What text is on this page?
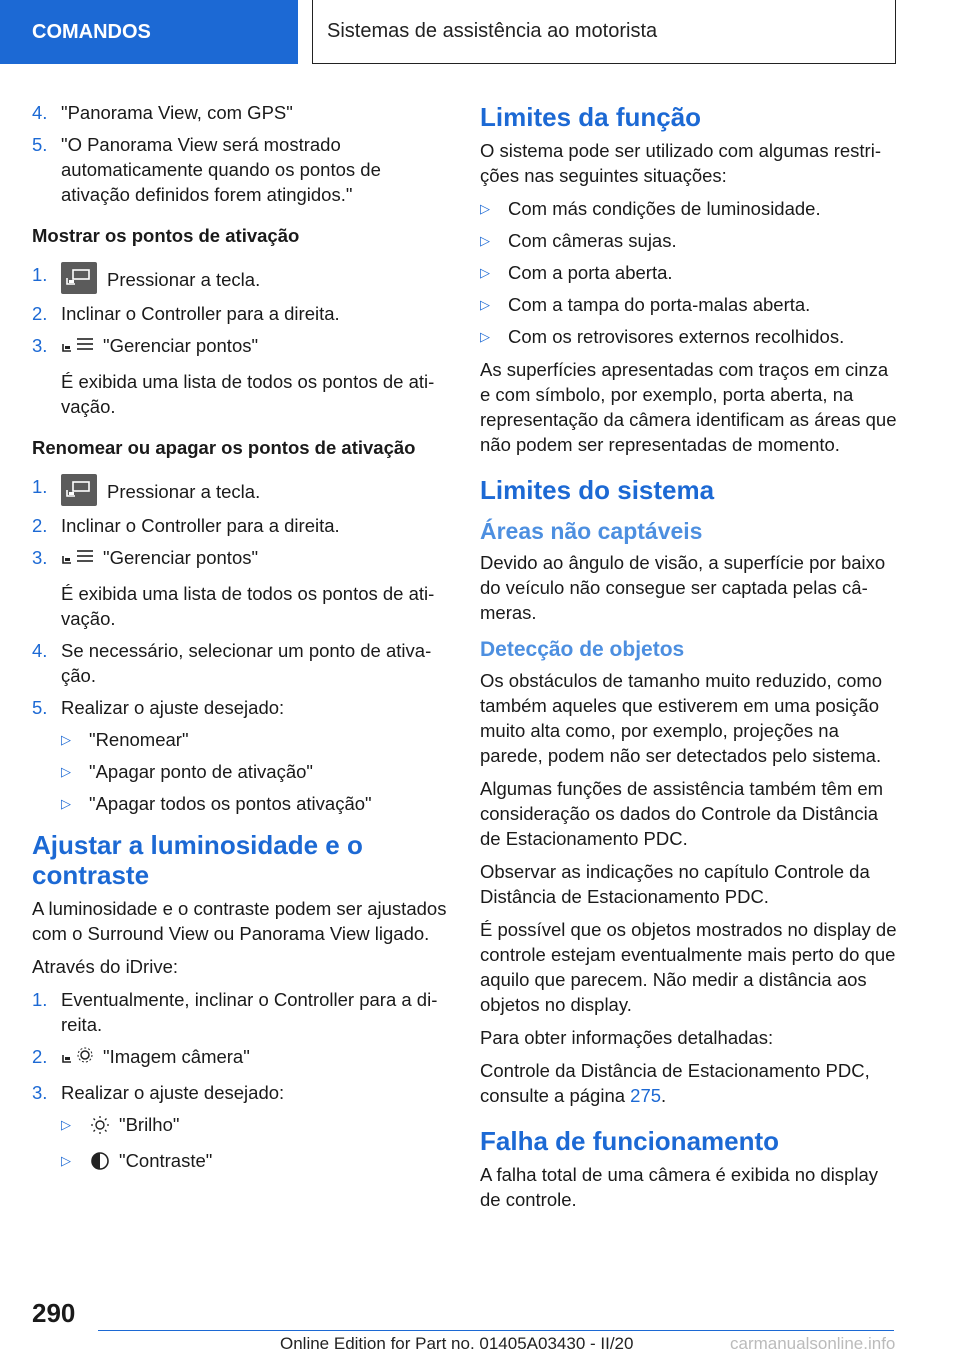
COMANDOS	Sistemas de assistência ao motorista
4. "Panorama View, com GPS"
5. "O Panorama View será mostrado automaticamente quando os pontos de ativação definidos forem atingidos."
Mostrar os pontos de ativação
1.	Pressionar a tecla.
2. Inclinar o Controller para a direita.
3.	"Gerenciar pontos"
É exibida uma lista de todos os pontos de ativação.
Renomear ou apagar os pontos de ativação
1.	Pressionar a tecla.
2. Inclinar o Controller para a direita.
3.	"Gerenciar pontos"
É exibida uma lista de todos os pontos de ativação.
4. Se necessário, selecionar um ponto de ativação.
5. Realizar o ajuste desejado:
▷ "Renomear"
▷ "Apagar ponto de ativação"
▷ "Apagar todos os pontos ativação"
Ajustar a luminosidade e o contraste

A luminosidade e o contraste podem ser ajustados com o Surround View ou Panorama View ligado.

Através do iDrive:

1. Eventualmente, inclinar o Controller para a direita.
2.	"Imagem câmera"
3. Realizar o ajuste desejado:
▷	"Brilho"
▷	"Contraste"
Limites da função

O sistema pode ser utilizado com algumas restrições nas seguintes situações:

▷ Com más condições de luminosidade.
▷ Com câmeras sujas.
▷ Com a porta aberta.
▷ Com a tampa do porta-malas aberta.
▷ Com os retrovisores externos recolhidos.

As superfícies apresentadas com traços em cinza e com símbolo, por exemplo, porta aberta, na representação da câmera identificam as áreas que não podem ser representadas de momento.

Limites do sistema
Áreas não captáveis

Devido ao ângulo de visão, a superfície por baixo do veículo não consegue ser captada pelas câmeras.

Detecção de objetos

Os obstáculos de tamanho muito reduzido, como também aqueles que estiverem em uma posição muito alta como, por exemplo, projeções na parede, podem não ser detectados pelo sistema.

Algumas funções de assistência também têm em consideração os dados do Controle da Distância de Estacionamento PDC.

Observar as indicações no capítulo Controle da Distância de Estacionamento PDC.

É possível que os objetos mostrados no display de controle estejam eventualmente mais perto do que aquilo que parecem. Não medir a distância aos objetos no display.

Para obter informações detalhadas:

Controle da Distância de Estacionamento PDC, consulte a página 275.

Falha de funcionamento

A falha total de uma câmera é exibida no display de controle.

290
Online Edition for Part no. 01405A03430 - II/20	carmanualsonline.info
